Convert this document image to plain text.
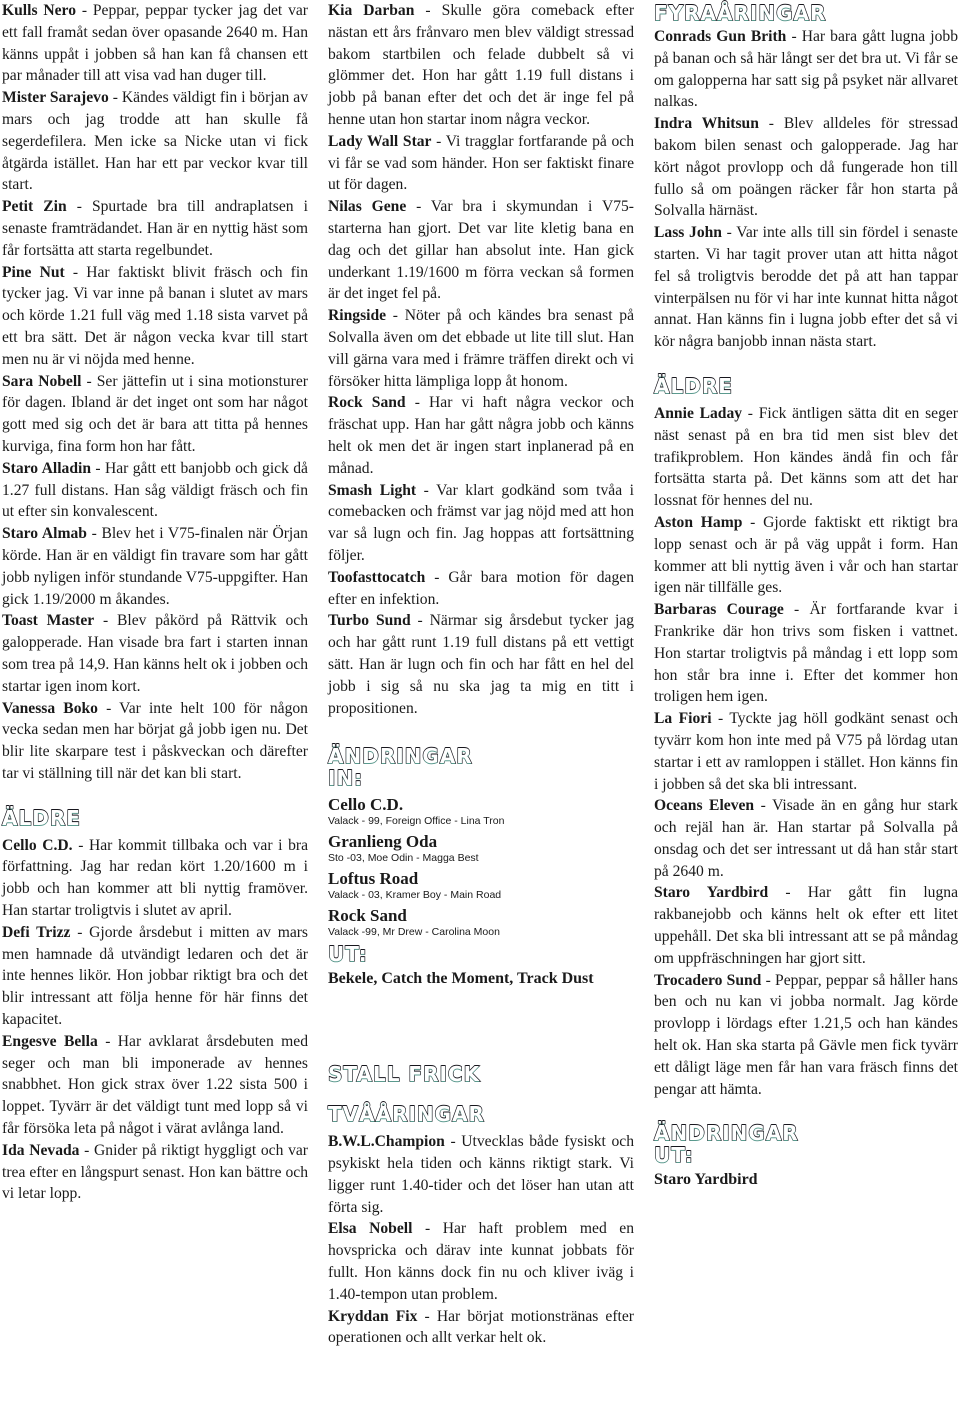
Kulls Nero - Peppar, peppar tycker jag det var ett fall framåt sedan över opasande 2640 m. Han känns uppåt i jobben så han kan få chansen ett par månader till att visa vad han duger till.

Mister Sarajevo - Kändes väldigt fin i början av mars och jag trodde att han skulle få segerdefilera. Men icke sa Nicke utan vi fick åtgärda istället. Han har ett par veckor kvar till start.

Petit Zin - Spurtade bra till andraplatsen i senaste framträdandet. Han är en nyttig häst som får fortsätta att starta regelbundet.

Pine Nut - Har faktiskt blivit fräsch och fin tycker jag. Vi var inne på banan i slutet av mars och körde 1.21 full väg med 1.18 sista varvet på ett bra sätt. Det är någon vecka kvar till start men nu är vi nöjda med henne.

Sara Nobell - Ser jättefin ut i sina motionsturer för dagen. Ibland är det inget ont som har något gott med sig och det är bara att titta på hennes kurviga, fina form hon har fått.

Staro Alladin - Har gått ett banjobb och gick då 1.27 full distans. Han såg väldigt fräsch och fin ut efter sin konvalescent.

Staro Almab - Blev het i V75-finalen när Örjan körde. Han är en väldigt fin travare som har gått jobb nyligen inför stundande V75-uppgifter. Han gick 1.19/2000 m åkandes.

Toast Master - Blev påkörd på Rättvik och galopperade. Han visade bra fart i starten innan som trea på 14,9. Han känns helt ok i jobben och startar igen inom kort.

Vanessa Boko - Var inte helt 100 för någon vecka sedan men har börjat gå jobb igen nu. Det blir lite skarpare test i påskveckan och därefter tar vi ställning till när det kan bli start.

ÄLDRE

Cello C.D. - Har kommit tillbaka och var i bra författning. Jag har redan kört 1.20/1600 m i jobb och han kommer att bli nyttig framöver. Han startar troligtvis i slutet av april.

Defi Trizz - Gjorde årsdebut i mitten av mars men hamnade då utvändigt ledaren och det är inte hennes likör. Hon jobbar riktigt bra och det blir intressant att följa henne för här finns det kapacitet.

Engesve Bella - Har avklarat årsdebuten med seger och man bli imponerade av hennes snabbhet. Hon gick strax över 1.22 sista 500 i loppet. Tyvärr är det väldigt tunt med lopp så vi får försöka leta på något i värat avlånga land.

Ida Nevada - Gnider på riktigt hyggligt och var trea efter en långspurt senast. Hon kan bättre och vi letar lopp.

Kia Darban - Skulle göra comeback efter nästan ett års frånvaro men blev väldigt stressad bakom startbilen och felade dubbelt så vi glömmer det. Hon har gått 1.19 full distans i jobb på banan efter det och det är inge fel på henne utan hon startar inom några veckor.

Lady Wall Star - Vi tragglar fortfarande på och vi får se vad som händer. Hon ser faktiskt finare ut för dagen.

Nilas Gene - Var bra i skymundan i V75-starterna han gjort. Det var lite kletig bana en dag och det gillar han absolut inte. Han gick underkant 1.19/1600 m förra veckan så formen är det inget fel på.

Ringside - Nöter på och kändes bra senast på Solvalla även om det ebbade ut lite till slut. Han vill gärna vara med i främre träffen direkt och vi försöker hitta lämpliga lopp åt honom.

Rock Sand - Har vi haft några veckor och fräschat upp. Han har gått några jobb och känns helt ok men det är ingen start inplanerad på en månad.

Smash Light - Var klart godkänd som tvåa i comebacken och främst var jag nöjd med att hon var så lugn och fin. Jag hoppas att fortsättning följer.

Toofasttocatch - Går bara motion för dagen efter en infektion.

Turbo Sund - Närmar sig årsdebut tycker jag och har gått runt 1.19 full distans på ett vettigt sätt. Han är lugn och fin och har fått en hel del jobb i sig så nu ska jag ta mig en titt i propositionen.

ÄNDRINGAR
IN:

Cello C.D.

Valack - 99, Foreign Office - Lina Tron

Granlieng Oda

Sto -03, Moe Odin - Magga Best

Loftus Road

Valack - 03, Kramer Boy - Main Road

Rock Sand

Valack -99, Mr Drew - Carolina Moon

UT:

Bekele, Catch the Moment, Track Dust

STALL FRICK
TVÅÅRINGAR

B.W.L.Champion - Utvecklas både fysiskt och psykiskt hela tiden och känns riktigt stark. Vi ligger runt 1.40-tider och det löser han utan att förta sig.

Elsa Nobell - Har haft problem med en hovspricka och därav inte kunnat jobbats för fullt. Hon känns dock fin nu och kliver iväg i 1.40-tempon utan problem.

Kryddan Fix - Har börjat motionstränas efter operationen och allt verkar helt ok.

FYRAÅRINGAR

Conrads Gun Brith - Har bara gått lugna jobb på banan och så här långt ser det bra ut. Vi får se om galopperna har satt sig på psyket när allvaret nalkas.

Indra Whitsun - Blev alldeles för stressad bakom bilen senast och galopperade. Jag har kört något provlopp och då fungerade hon till fullo så om poängen räcker får hon starta på Solvalla härnäst.

Lass John - Var inte alls till sin fördel i senaste starten. Vi har tagit prover utan att hitta något fel så troligtvis berodde det på att han tappar vinterpälsen nu för vi har inte kunnat hitta något annat. Han känns fin i lugna jobb efter det så vi kör några banjobb innan nästa start.

ÄLDRE

Annie Laday - Fick äntligen sätta dit en seger näst senast på en bra tid men sist blev det trafikproblem. Hon kändes ändå fin och får fortsätta starta på. Det känns som att det har lossnat för hennes del nu.

Aston Hamp - Gjorde faktiskt ett riktigt bra lopp senast och är på väg uppåt i form. Han kommer att bli nyttig även i vår och han startar igen när tillfälle ges.

Barbaras Courage - Är fortfarande kvar i Frankrike där hon trivs som fisken i vattnet. Hon startar troligtvis på måndag i ett lopp som hon står bra inne i. Efter det kommer hon troligen hem igen.

La Fiori - Tyckte jag höll godkänt senast och tyvärr kom hon inte med på V75 på lördag utan startar i ett av ramloppen i stället. Hon känns fin i jobben så det ska bli intressant.

Oceans Eleven - Visade än en gång hur stark och rejäl han är. Han startar på Solvalla på onsdag och det ser intressant ut då han står start på 2640 m.

Staro Yardbird - Har gått fin lugna rakbanejobb och känns helt ok efter ett litet uppehåll. Det ska bli intressant att se på måndag om uppfräschningen har gjort sitt.

Trocadero Sund - Peppar, peppar så håller hans ben och nu kan vi jobba normalt. Jag körde provlopp i lördags efter 1.21,5 och han kändes helt ok. Han ska starta på Gävle men fick tyvärr ett dåligt läge men får han vara fräsch finns det pengar att hämta.

ÄNDRINGAR
UT:

Staro Yardbird
